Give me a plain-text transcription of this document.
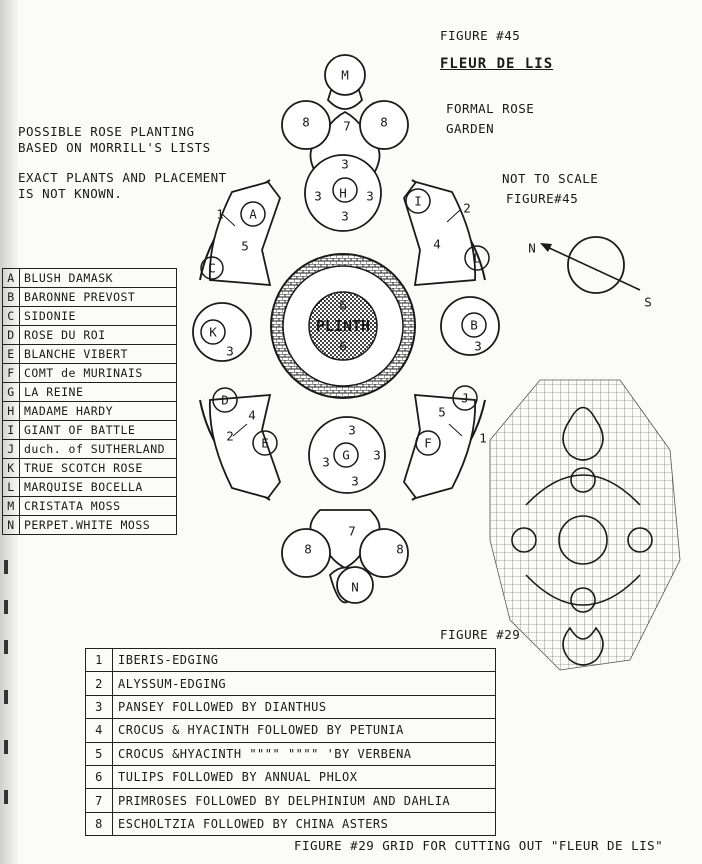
M
N
H
G
A
C
I
L
K	B
D
E	F
J
8	7 8
3
3	3
3
1
5
2
4
3	3
6
6
4
2
5
1
3
3	3
3
7
8	8
N
S
PLINTH
FIGURE #45
FLEUR DE LIS
FORMAL ROSE
GARDEN
NOT TO SCALE
FIGURE#45
POSSIBLE ROSE PLANTING
BASED ON MORRILL'S LISTS
EXACT PLANTS AND PLACEMENT
IS NOT KNOWN.
A	BLUSH DAMASK
B	BARONNE PREVOST
C	SIDONIE
D	ROSE DU ROI
E	BLANCHE VIBERT
F	COMT de MURINAIS
G	LA REINE
H	MADAME HARDY
I	GIANT OF BATTLE
J	duch. of SUTHERLAND
K	TRUE SCOTCH ROSE
L	MARQUISE BOCELLA
M	CRISTATA MOSS
N	PERPET.WHITE MOSS
FIGURE #29
1	IBERIS-EDGING
2	ALYSSUM-EDGING
3	PANSEY FOLLOWED BY DIANTHUS
4	CROCUS & HYACINTH FOLLOWED BY PETUNIA
5	CROCUS &HYACINTH """" """" 'BY VERBENA
6	TULIPS FOLLOWED BY ANNUAL PHLOX
7	PRIMROSES FOLLOWED BY DELPHINIUM AND DAHLIA
8	ESCHOLTZIA FOLLOWED BY CHINA ASTERS
FIGURE #29 GRID FOR CUTTING OUT "FLEUR DE LIS"
